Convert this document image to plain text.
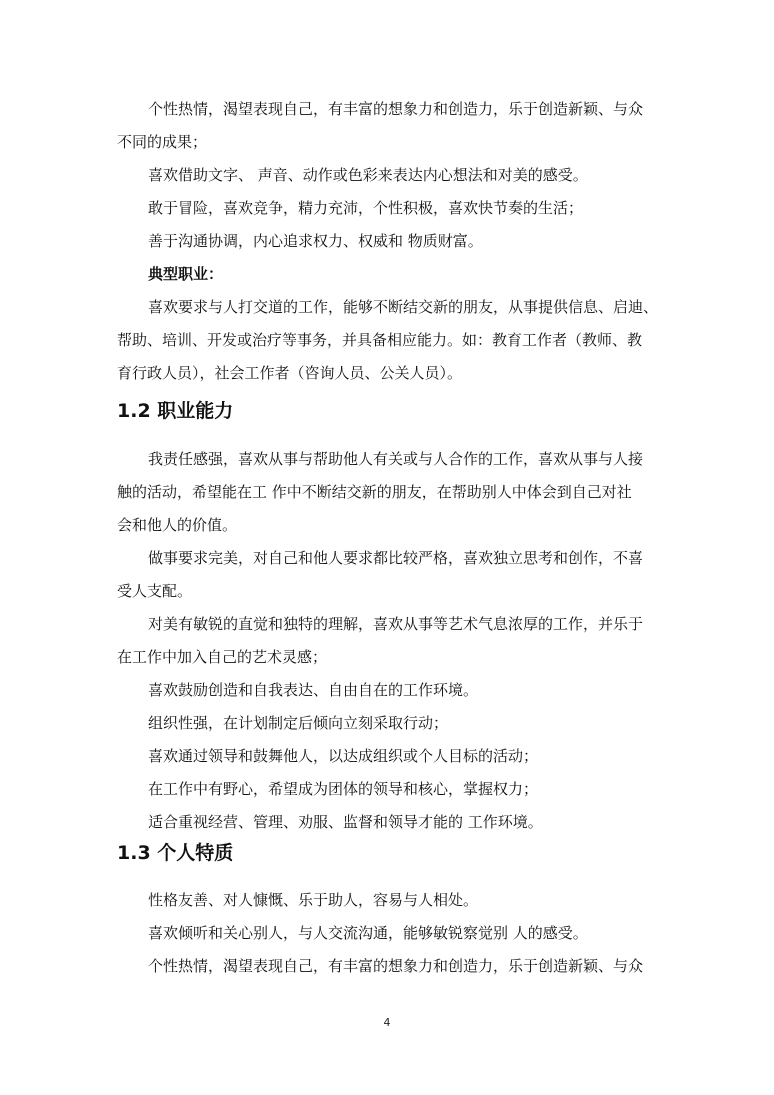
个性热情，渴望表现自己，有丰富的想象力和创造力，乐于创造新颖、与众

不同的成果；

喜欢借助文字、 声音、动作或色彩来表达内心想法和对美的感受。

敢于冒险，喜欢竞争，精力充沛，个性积极，喜欢快节奏的生活；

善于沟通协调，内心追求权力、权威和 物质财富。

典型职业：

喜欢要求与人打交道的工作，能够不断结交新的朋友，从事提供信息、启迪、

帮助、培训、开发或治疗等事务，并具备相应能力。如：教育工作者（教师、教

育行政人员），社会工作者（咨询人员、公关人员）。

1.2 职业能力

我责任感强，喜欢从事与帮助他人有关或与人合作的工作，喜欢从事与人接

触的活动，希望能在工 作中不断结交新的朋友，在帮助别人中体会到自己对社

会和他人的价值。

做事要求完美，对自己和他人要求都比较严格，喜欢独立思考和创作，不喜

受人支配。

对美有敏锐的直觉和独特的理解，喜欢从事等艺术气息浓厚的工作，并乐于

在工作中加入自己的艺术灵感；

喜欢鼓励创造和自我表达、自由自在的工作环境。

组织性强，在计划制定后倾向立刻采取行动；

喜欢通过领导和鼓舞他人，以达成组织或个人目标的活动；

在工作中有野心，希望成为团体的领导和核心，掌握权力；

适合重视经营、管理、劝服、监督和领导才能的 工作环境。

1.3 个人特质

性格友善、对人慷慨、乐于助人，容易与人相处。

喜欢倾听和关心别人，与人交流沟通，能够敏锐察觉别 人的感受。

个性热情，渴望表现自己，有丰富的想象力和创造力，乐于创造新颖、与众

4
